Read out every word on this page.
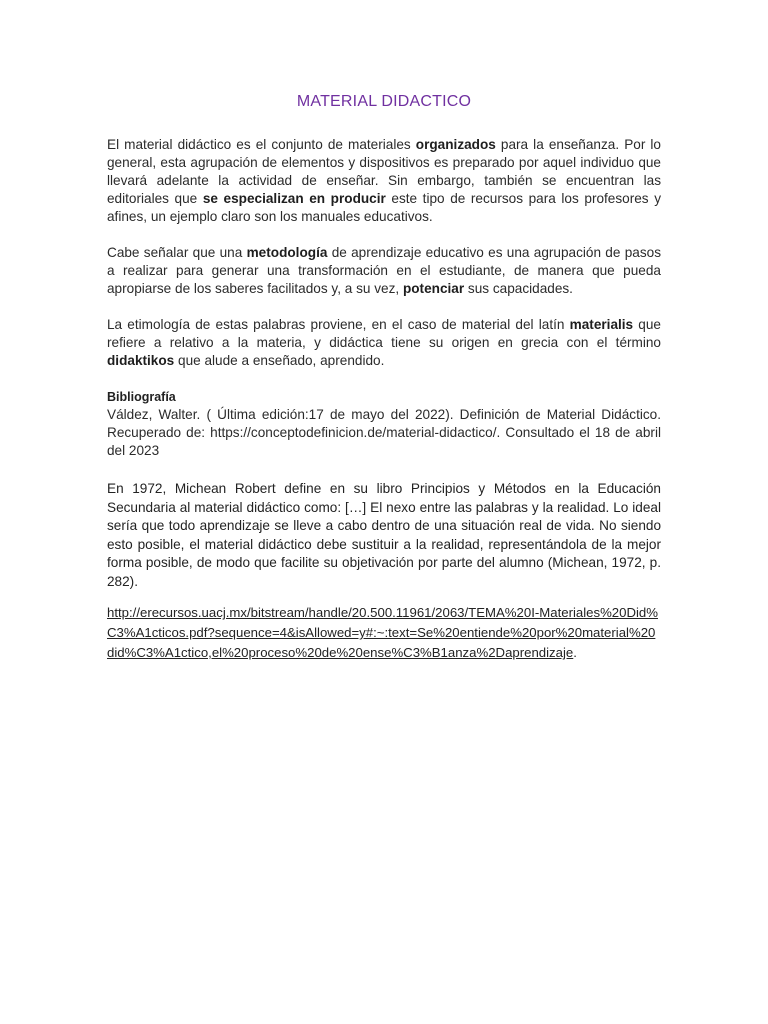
MATERIAL DIDACTICO

El material didáctico es el conjunto de materiales organizados para la enseñanza. Por lo general, esta agrupación de elementos y dispositivos es preparado por aquel individuo que llevará adelante la actividad de enseñar. Sin embargo, también se encuentran las editoriales que se especializan en producir este tipo de recursos para los profesores y afines, un ejemplo claro son los manuales educativos.

Cabe señalar que una metodología de aprendizaje educativo es una agrupación de pasos a realizar para generar una transformación en el estudiante, de manera que pueda apropiarse de los saberes facilitados y, a su vez, potenciar sus capacidades.

La etimología de estas palabras proviene, en el caso de material del latín materialis que refiere a relativo a la materia, y didáctica tiene su origen en grecia con el término didaktikos que alude a enseñado, aprendido.

Bibliografía

Váldez, Walter. ( Última edición:17 de mayo del 2022). Definición de Material Didáctico. Recuperado de: https://conceptodefinicion.de/material-didactico/. Consultado el 18 de abril del 2023

En 1972, Michean Robert define en su libro Principios y Métodos en la Educación Secundaria al material didáctico como: […] El nexo entre las palabras y la realidad. Lo ideal sería que todo aprendizaje se lleve a cabo dentro de una situación real de vida. No siendo esto posible, el material didáctico debe sustituir a la realidad, representándola de la mejor forma posible, de modo que facilite su objetivación por parte del alumno (Michean, 1972, p. 282).

http://erecursos.uacj.mx/bitstream/handle/20.500.11961/2063/TEMA%20I-Materiales%20Did%C3%A1cticos.pdf?sequence=4&isAllowed=y#:~:text=Se%20entiende%20por%20material%20did%C3%A1ctico,el%20proceso%20de%20ense%C3%B1anza%2Daprendizaje.
